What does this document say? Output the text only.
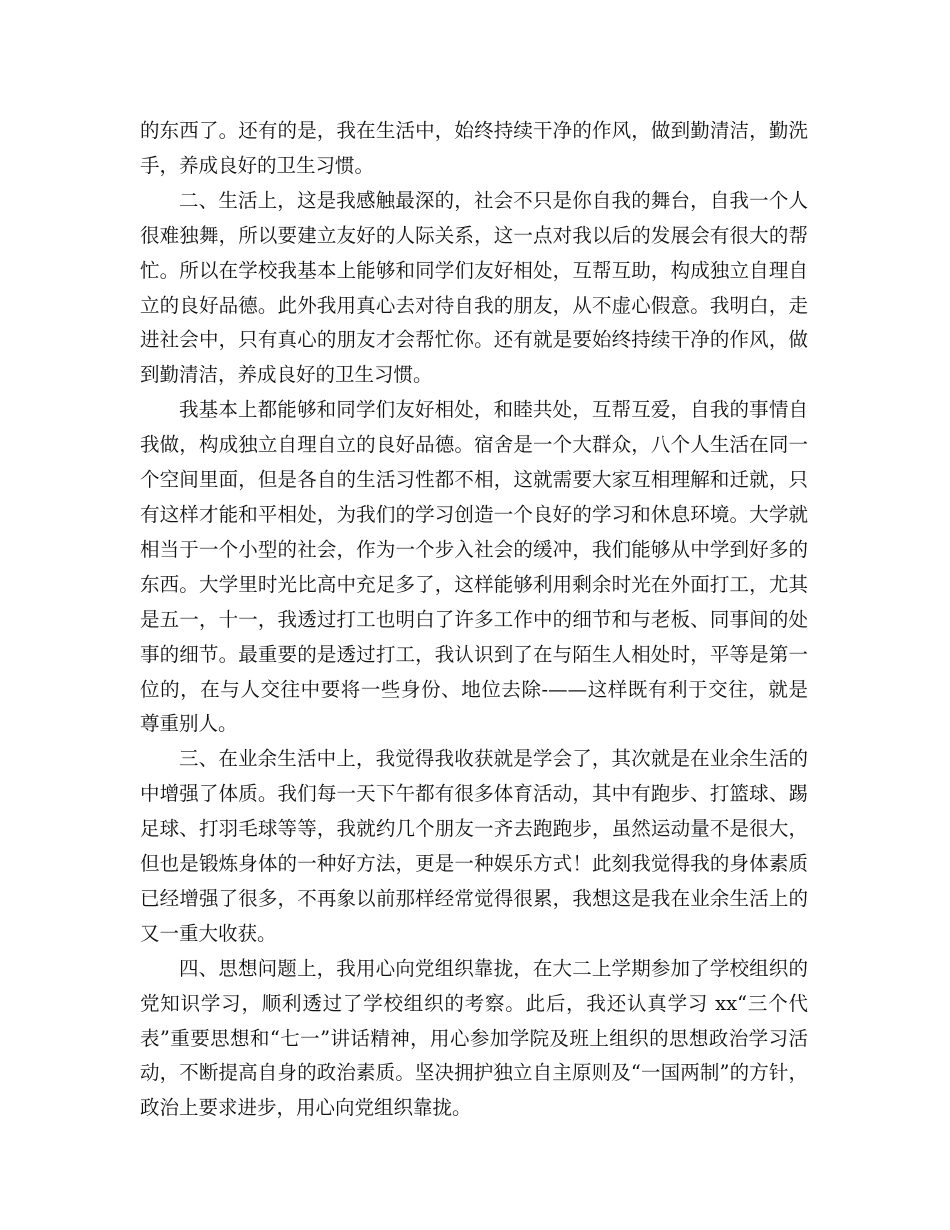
的东西了。还有的是，我在生活中，始终持续干净的作风，做到勤清洁，勤洗手，养成良好的卫生习惯。

二、生活上，这是我感触最深的，社会不只是你自我的舞台，自我一个人很难独舞，所以要建立友好的人际关系，这一点对我以后的发展会有很大的帮忙。所以在学校我基本上能够和同学们友好相处，互帮互助，构成独立自理自立的良好品德。此外我用真心去对待自我的朋友，从不虚心假意。我明白，走进社会中，只有真心的朋友才会帮忙你。还有就是要始终持续干净的作风，做到勤清洁，养成良好的卫生习惯。

我基本上都能够和同学们友好相处，和睦共处，互帮互爱，自我的事情自我做，构成独立自理自立的良好品德。宿舍是一个大群众，八个人生活在同一个空间里面，但是各自的生活习性都不相，这就需要大家互相理解和迁就，只有这样才能和平相处，为我们的学习创造一个良好的学习和休息环境。大学就相当于一个小型的社会，作为一个步入社会的缓冲，我们能够从中学到好多的东西。大学里时光比高中充足多了，这样能够利用剩余时光在外面打工，尤其是五一，十一，我透过打工也明白了许多工作中的细节和与老板、同事间的处事的细节。最重要的是透过打工，我认识到了在与陌生人相处时，平等是第一位的，在与人交往中要将一些身份、地位去除-——这样既有利于交往，就是尊重别人。

三、在业余生活中上，我觉得我收获就是学会了，其次就是在业余生活的中增强了体质。我们每一天下午都有很多体育活动，其中有跑步、打篮球、踢足球、打羽毛球等等，我就约几个朋友一齐去跑跑步，虽然运动量不是很大，但也是锻炼身体的一种好方法，更是一种娱乐方式！此刻我觉得我的身体素质已经增强了很多，不再象以前那样经常觉得很累，我想这是我在业余生活上的又一重大收获。

四、思想问题上，我用心向党组织靠拢，在大二上学期参加了学校组织的党知识学习，顺利透过了学校组织的考察。此后，我还认真学习 xx“三个代表”重要思想和“七一”讲话精神，用心参加学院及班上组织的思想政治学习活动，不断提高自身的政治素质。坚决拥护独立自主原则及“一国两制”的方针，政治上要求进步，用心向党组织靠拢。
